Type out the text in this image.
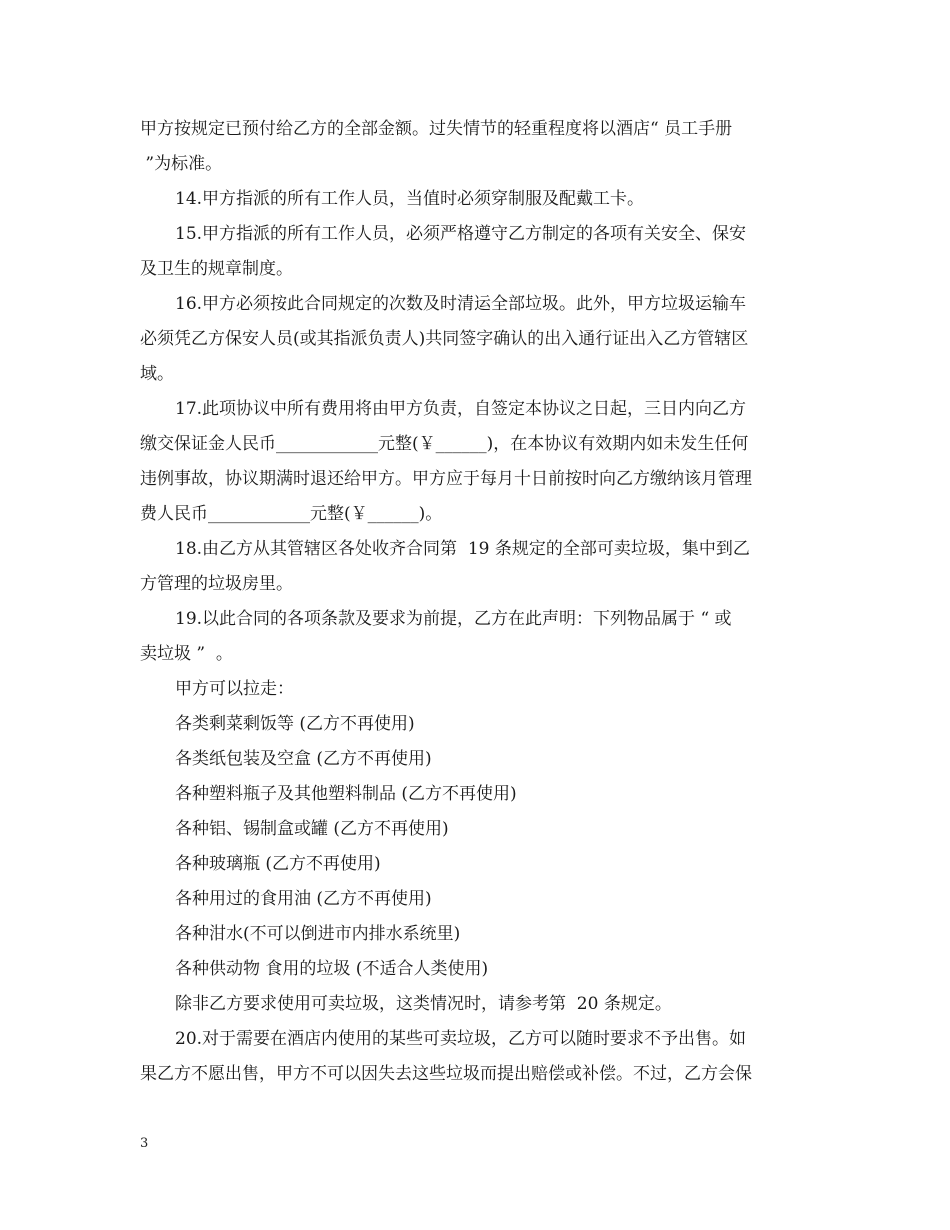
甲方按规定已预付给乙方的全部金额。过失情节的轻重程度将以酒店“ 员工手册
”为标准。
14.甲方指派的所有工作人员，当值时必须穿制服及配戴工卡。
15.甲方指派的所有工作人员，必须严格遵守乙方制定的各项有关安全、保安
及卫生的规章制度。
16.甲方必须按此合同规定的次数及时清运全部垃圾。此外，甲方垃圾运输车
必须凭乙方保安人员(或其指派负责人)共同签字确认的出入通行证出入乙方管辖区
域。
17.此项协议中所有费用将由甲方负责，自签定本协议之日起，三日内向乙方
缴交保证金人民币____________元整(￥______)，在本协议有效期内如未发生任何
违例事故，协议期满时退还给甲方。甲方应于每月十日前按时向乙方缴纳该月管理
费人民币____________元整(￥______)。
18.由乙方从其管辖区各处收齐合同第  19 条规定的全部可卖垃圾，集中到乙
方管理的垃圾房里。
19.以此合同的各项条款及要求为前提，乙方在此声明：下列物品属于 “ 或
卖垃圾 ”  。
甲方可以拉走：
各类剩菜剩饭等 (乙方不再使用)
各类纸包装及空盒 (乙方不再使用)
各种塑料瓶子及其他塑料制品 (乙方不再使用)
各种铝、锡制盒或罐 (乙方不再使用)
各种玻璃瓶 (乙方不再使用)
各种用过的食用油 (乙方不再使用)
各种泔水(不可以倒进市内排水系统里)
各种供动物 食用的垃圾 (不适合人类使用)
除非乙方要求使用可卖垃圾，这类情况时，请参考第  20 条规定。
20.对于需要在酒店内使用的某些可卖垃圾，乙方可以随时要求不予出售。如
果乙方不愿出售，甲方不可以因失去这些垃圾而提出赔偿或补偿。不过，乙方会保
3
